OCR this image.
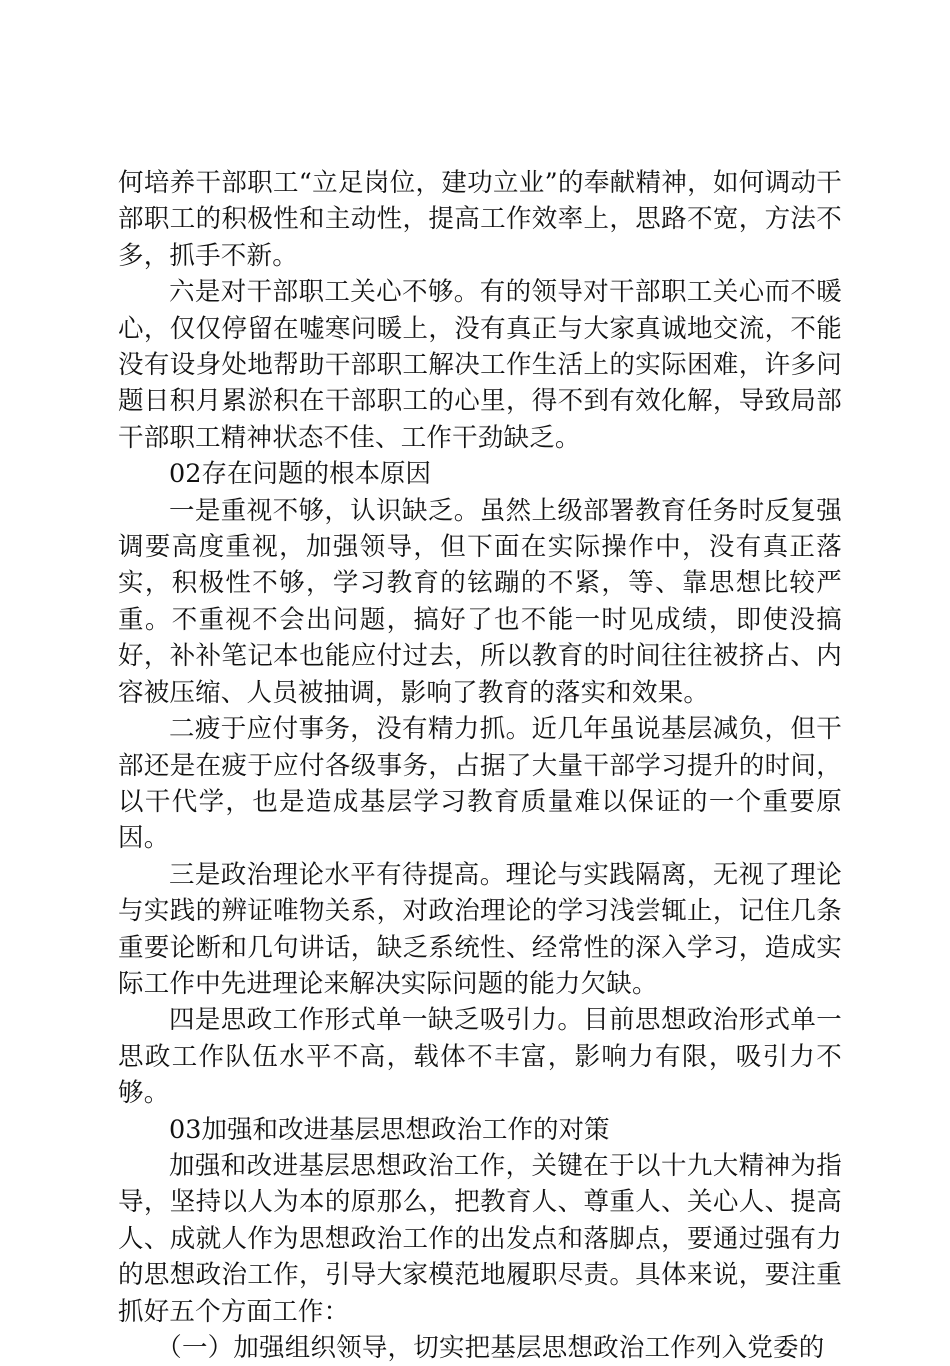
何培养干部职工“立足岗位，建功立业”的奉献精神，如何调动干部职工的积极性和主动性，提高工作效率上，思路不宽，方法不多，抓手不新。

六是对干部职工关心不够。有的领导对干部职工关心而不暖心，仅仅停留在嘘寒问暖上，没有真正与大家真诚地交流，不能没有设身处地帮助干部职工解决工作生活上的实际困难，许多问题日积月累淤积在干部职工的心里，得不到有效化解，导致局部干部职工精神状态不佳、工作干劲缺乏。

02存在问题的根本原因

一是重视不够，认识缺乏。虽然上级部署教育任务时反复强调要高度重视，加强领导，但下面在实际操作中，没有真正落实，积极性不够，学习教育的铉蹦的不紧，等、靠思想比较严重。不重视不会出问题，搞好了也不能一时见成绩，即使没搞好，补补笔记本也能应付过去，所以教育的时间往往被挤占、内容被压缩、人员被抽调，影响了教育的落实和效果。

二疲于应付事务，没有精力抓。近几年虽说基层减负，但干部还是在疲于应付各级事务，占据了大量干部学习提升的时间，以干代学，也是造成基层学习教育质量难以保证的一个重要原因。

三是政治理论水平有待提高。理论与实践隔离，无视了理论与实践的辨证唯物关系，对政治理论的学习浅尝辄止，记住几条重要论断和几句讲话，缺乏系统性、经常性的深入学习，造成实际工作中先进理论来解决实际问题的能力欠缺。

四是思政工作形式单一缺乏吸引力。目前思想政治形式单一思政工作队伍水平不高，载体不丰富，影响力有限，吸引力不够。

03加强和改进基层思想政治工作的对策

加强和改进基层思想政治工作，关键在于以十九大精神为指导，坚持以人为本的原那么，把教育人、尊重人、关心人、提高人、成就人作为思想政治工作的出发点和落脚点，要通过强有力的思想政治工作，引导大家模范地履职尽责。具体来说，要注重抓好五个方面工作：

（一）加强组织领导，切实把基层思想政治工作列入党委的
